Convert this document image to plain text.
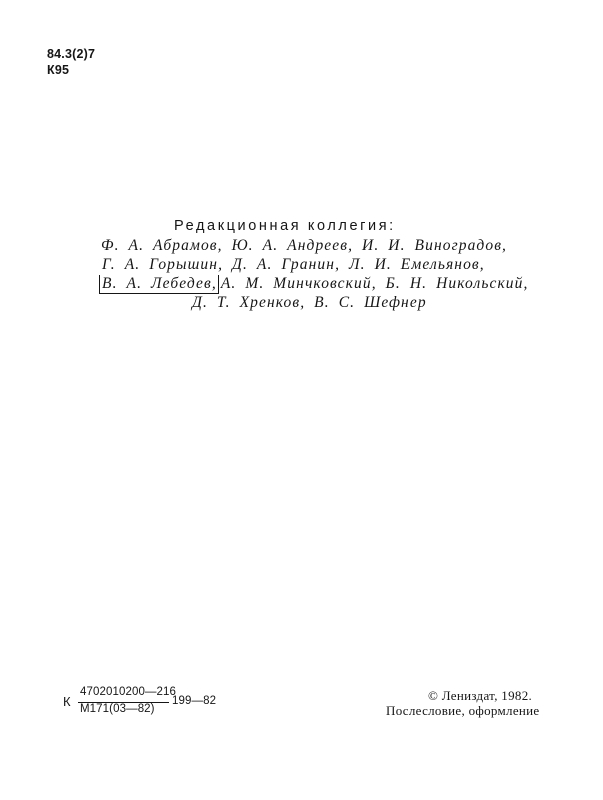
84.3(2)7
К95
Редакционная коллегия:
Ф. А. Абрамов, Ю. А. Андреев, И. И. Виноградов,
Г. А. Горышин, Д. А. Гранин, Л. И. Емельянов,
В. А. Лебедев, А. М. Минчковский, Б. Н. Никольский,
Д. Т. Хренков, В. С. Шефнер
К
4702010200—216
М171(03—82)
199—82	© Лениздат, 1982.
Послесловие, оформление
